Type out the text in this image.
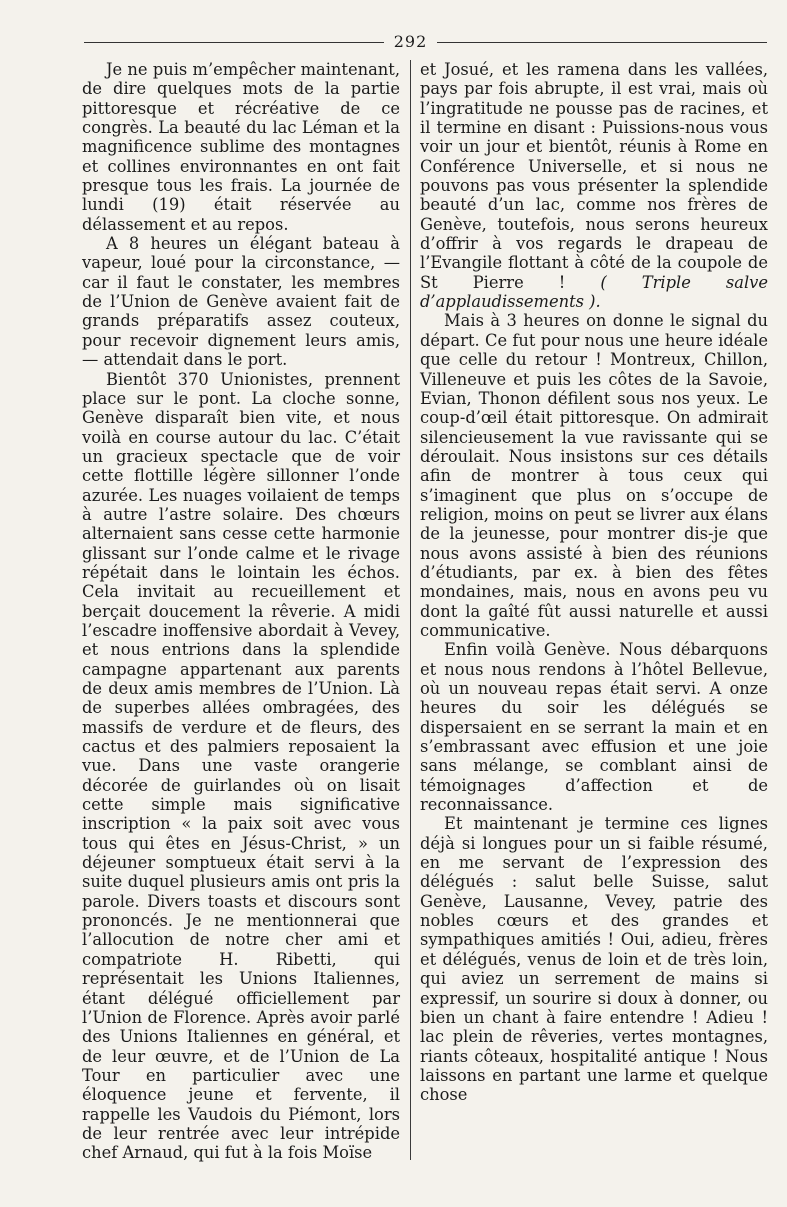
292

Je ne puis m’empêcher maintenant, de dire quelques mots de la partie pittoresque et récréative de ce congrès. La beauté du lac Léman et la magnificence sublime des montagnes et collines environnantes en ont fait presque tous les frais. La journée de lundi (19) était réservée au délassement et au repos.

A 8 heures un élégant bateau à vapeur, loué pour la circonstance, — car il faut le constater, les membres de l’Union de Genève avaient fait de grands préparatifs assez couteux, pour recevoir dignement leurs amis, — attendait dans le port.

Bientôt 370 Unionistes, prennent place sur le pont. La cloche sonne, Genève disparaît bien vite, et nous voilà en course autour du lac. C’était un gracieux spectacle que de voir cette flottille légère sillonner l’onde azurée. Les nuages voilaient de temps à autre l’astre solaire. Des chœurs alternaient sans cesse cette harmonie glissant sur l’onde calme et le rivage répétait dans le lointain les échos. Cela invitait au recueillement et berçait doucement la rêverie. A midi l’escadre inoffensive abordait à Vevey, et nous entrions dans la splendide campagne appartenant aux parents de deux amis membres de l’Union. Là de superbes allées ombragées, des massifs de verdure et de fleurs, des cactus et des palmiers reposaient la vue. Dans une vaste orangerie décorée de guirlandes où on lisait cette simple mais significative inscription « la paix soit avec vous tous qui êtes en Jésus-Christ, » un déjeuner somptueux était servi à la suite duquel plusieurs amis ont pris la parole. Divers toasts et discours sont prononcés. Je ne mentionnerai que l’allocution de notre cher ami et compatriote H. Ribetti, qui représentait les Unions Italiennes, étant délégué officiellement par l’Union de Florence. Après avoir parlé des Unions Italiennes en général, et de leur œuvre, et de l’Union de La Tour en particulier avec une éloquence jeune et fervente, il rappelle les Vaudois du Piémont, lors de leur rentrée avec leur intrépide chef Arnaud, qui fut à la fois Moïse

et Josué, et les ramena dans les vallées, pays par fois abrupte, il est vrai, mais où l’ingratitude ne pousse pas de racines, et il termine en disant : Puissions-nous vous voir un jour et bientôt, réunis à Rome en Conférence Universelle, et si nous ne pouvons pas vous présenter la splendide beauté d’un lac, comme nos frères de Genève, toutefois, nous serons heureux d’offrir à vos regards le drapeau de l’Evangile flottant à côté de la coupole de St Pierre ! ( Triple salve d’applaudissements ).

Mais à 3 heures on donne le signal du départ. Ce fut pour nous une heure idéale que celle du retour ! Montreux, Chillon, Villeneuve et puis les côtes de la Savoie, Evian, Thonon défilent sous nos yeux. Le coup-d’œil était pittoresque. On admirait silencieusement la vue ravissante qui se déroulait. Nous insistons sur ces détails afin de montrer à tous ceux qui s’imaginent que plus on s’occupe de religion, moins on peut se livrer aux élans de la jeunesse, pour montrer dis-je que nous avons assisté à bien des réunions d’étudiants, par ex. à bien des fêtes mondaines, mais, nous en avons peu vu dont la gaîté fût aussi naturelle et aussi communicative.

Enfin voilà Genève. Nous débarquons et nous nous rendons à l’hôtel Bellevue, où un nouveau repas était servi. A onze heures du soir les délégués se dispersaient en se serrant la main et en s’embrassant avec effusion et une joie sans mélange, se comblant ainsi de témoignages d’affection et de reconnaissance.

Et maintenant je termine ces lignes déjà si longues pour un si faible résumé, en me servant de l’expression des délégués : salut belle Suisse, salut Genève, Lausanne, Vevey, patrie des nobles cœurs et des grandes et sympathiques amitiés ! Oui, adieu, frères et délégués, venus de loin et de très loin, qui aviez un serrement de mains si expressif, un sourire si doux à donner, ou bien un chant à faire entendre ! Adieu ! lac plein de rêveries, vertes montagnes, riants côteaux, hospitalité antique ! Nous laissons en partant une larme et quelque chose
